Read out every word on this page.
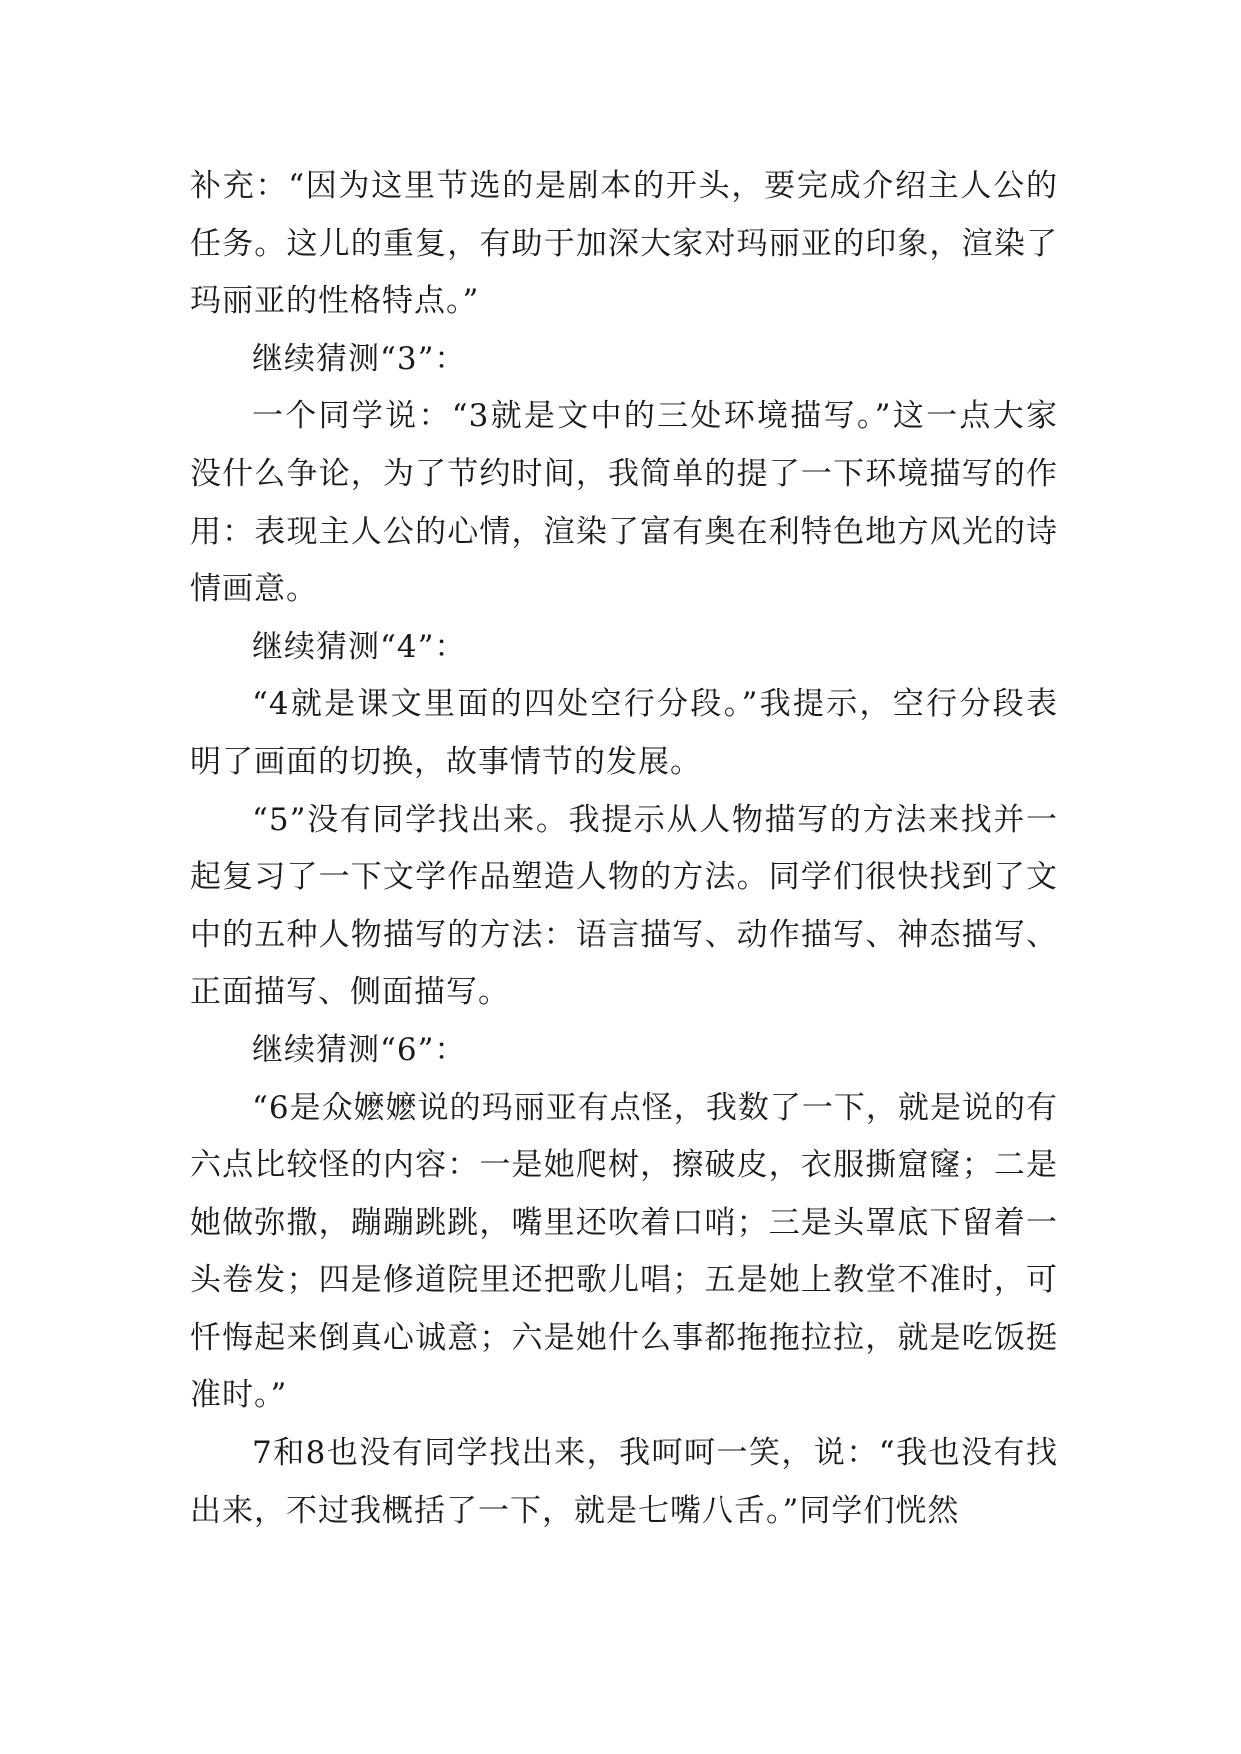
补充：“因为这里节选的是剧本的开头，要完成介绍主人公的任务。这儿的重复，有助于加深大家对玛丽亚的印象，渲染了玛丽亚的性格特点。”

继续猜测“3”：

一个同学说：“3就是文中的三处环境描写。”这一点大家没什么争论，为了节约时间，我简单的提了一下环境描写的作用：表现主人公的心情，渲染了富有奥在利特色地方风光的诗情画意。

继续猜测“4”：

“4就是课文里面的四处空行分段。”我提示，空行分段表明了画面的切换，故事情节的发展。

“5”没有同学找出来。我提示从人物描写的方法来找并一起复习了一下文学作品塑造人物的方法。同学们很快找到了文中的五种人物描写的方法：语言描写、动作描写、神态描写、正面描写、侧面描写。

继续猜测“6”：

“6是众嬷嬷说的玛丽亚有点怪，我数了一下，就是说的有六点比较怪的内容：一是她爬树，擦破皮，衣服撕窟窿；二是她做弥撒，蹦蹦跳跳，嘴里还吹着口哨；三是头罩底下留着一头卷发；四是修道院里还把歌儿唱；五是她上教堂不准时，可忏悔起来倒真心诚意；六是她什么事都拖拖拉拉，就是吃饭挺准时。”

7和8也没有同学找出来，我呵呵一笑，说：“我也没有找出来，不过我概括了一下，就是七嘴八舌。”同学们恍然
